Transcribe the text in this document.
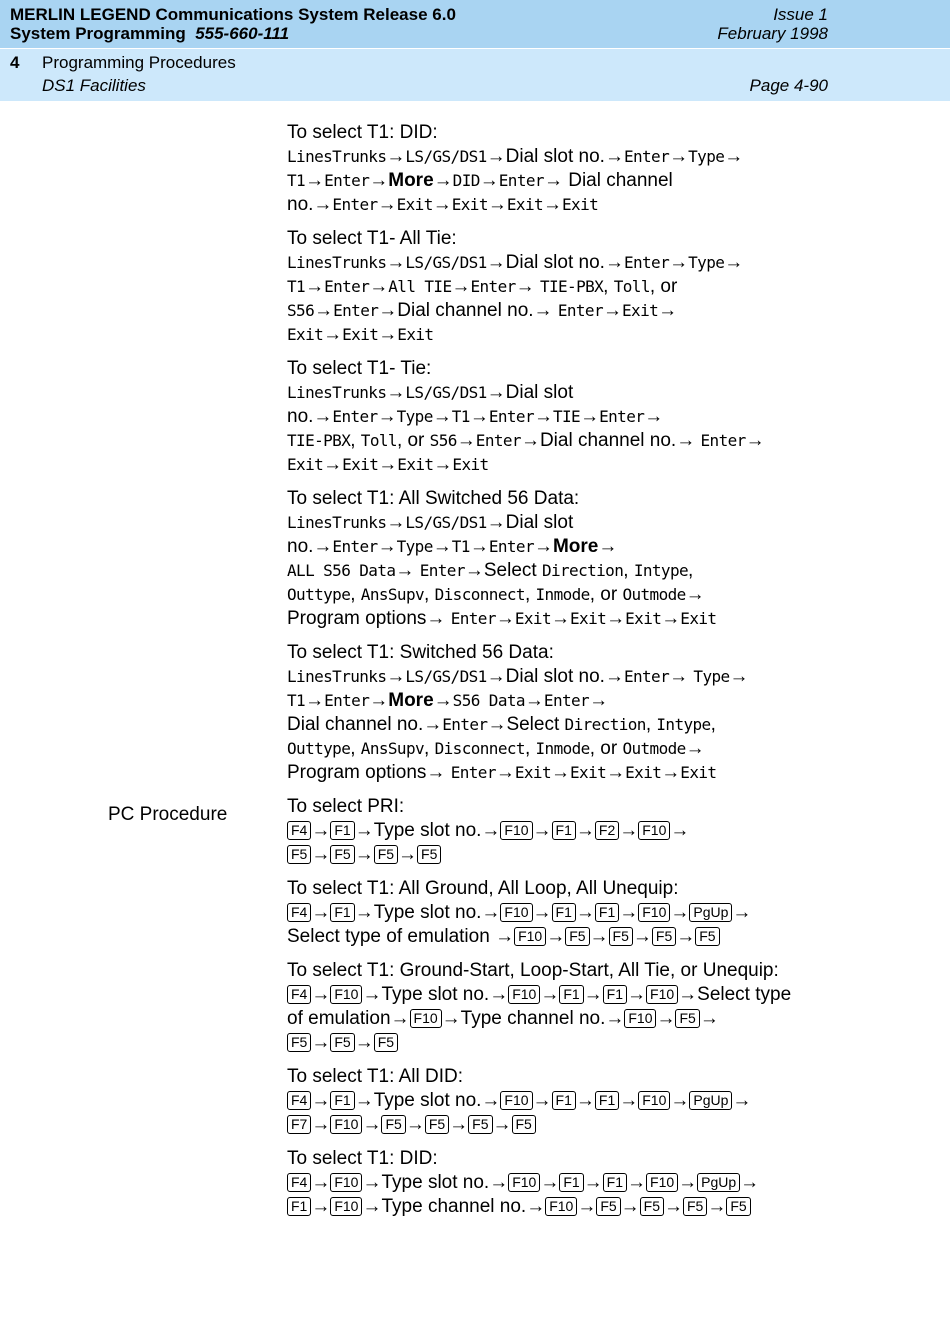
MERLIN LEGEND Communications System Release 6.0
System Programming 555-660-111
Issue 1
February 1998
4 Programming Procedures
DS1 Facilities	Page 4-90
PC Procedure
To select T1: DID:
LinesTrunks→LS/GS/DS1→Dial slot no.→Enter→Type→
T1→Enter→More→DID→Enter→ Dial channel
no.→Enter→Exit→Exit→Exit→Exit
To select T1- All Tie:
LinesTrunks→LS/GS/DS1→Dial slot no.→Enter→Type→
T1→Enter→All TIE→Enter→ TIE-PBX, Toll, or
S56→Enter→Dial channel no.→ Enter→Exit→
Exit→Exit→Exit
To select T1- Tie:
LinesTrunks→LS/GS/DS1→Dial slot
no.→Enter→Type→T1→Enter→TIE→Enter→
TIE-PBX, Toll, or S56→Enter→Dial channel no.→ Enter→
Exit→Exit→Exit→Exit
To select T1: All Switched 56 Data:
LinesTrunks→LS/GS/DS1→Dial slot
no.→Enter→Type→T1→Enter→More→
ALL S56 Data→ Enter→Select Direction, Intype,
Outtype, AnsSupv, Disconnect, Inmode, or Outmode→
Program options→ Enter→Exit→Exit→Exit→Exit
To select T1: Switched 56 Data:
LinesTrunks→LS/GS/DS1→Dial slot no.→Enter→ Type→
T1→Enter→More→S56 Data→Enter→
Dial channel no.→Enter→Select Direction, Intype,
Outtype, AnsSupv, Disconnect, Inmode, or Outmode→
Program options→ Enter→Exit→Exit→Exit→Exit
To select PRI:
F4 → F1 →Type slot no.→ F10 → F1 → F2 → F10 →
F5 → F5 → F5 → F5
To select T1: All Ground, All Loop, All Unequip:
F4 → F1 →Type slot no.→ F10 → F1 → F1 → F10 → PgUp →
Select type of emulation → F10 → F5 → F5 → F5 → F5
To select T1: Ground-Start, Loop-Start, All Tie, or Unequip:
F4 → F10 →Type slot no.→ F10 → F1 → F1 → F10 →Select type
of emulation→ F10 →Type channel no.→ F10 → F5 →
F5 → F5 → F5
To select T1: All DID:
F4 → F1 →Type slot no.→ F10 → F1 → F1 → F10 → PgUp →
F7 → F10 → F5 → F5 → F5 → F5
To select T1: DID:
F4 → F10 →Type slot no.→ F10 → F1 → F1 → F10 → PgUp →
F1 → F10 →Type channel no.→ F10 → F5 → F5 → F5 → F5
